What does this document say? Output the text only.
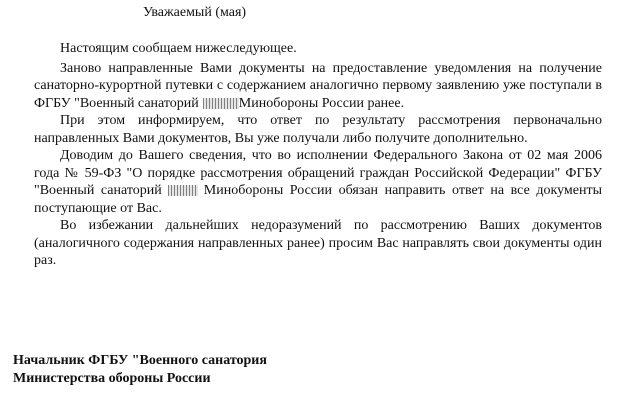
Уважаемый (мая)

Настоящим сообщаем нижеследующее.

Заново направленные Вами документы на предоставление уведомления на получение санаторно-курортной путевки с содержанием аналогично первому заявлению уже поступали в ФГБУ "Военный санаторий	Минобороны России ранее.

При этом информируем, что ответ по результату рассмотрения первоначально направленных Вами документов, Вы уже получали либо получите дополнительно.

Доводим до Вашего сведения, что во исполнении Федерального Закона от 02 мая 2006 года № 59-ФЗ "О порядке рассмотрения обращений граждан Российской Федерации" ФГБУ "Военный санаторий	Минобороны России обязан направить ответ на все документы поступающие от Вас.

Во избежании дальнейших недоразумений по рассмотрению Ваших документов (аналогичного содержания направленных ранее) просим Вас направлять свои документы один раз.

Начальник ФГБУ "Военного санатория
Министерства обороны России
